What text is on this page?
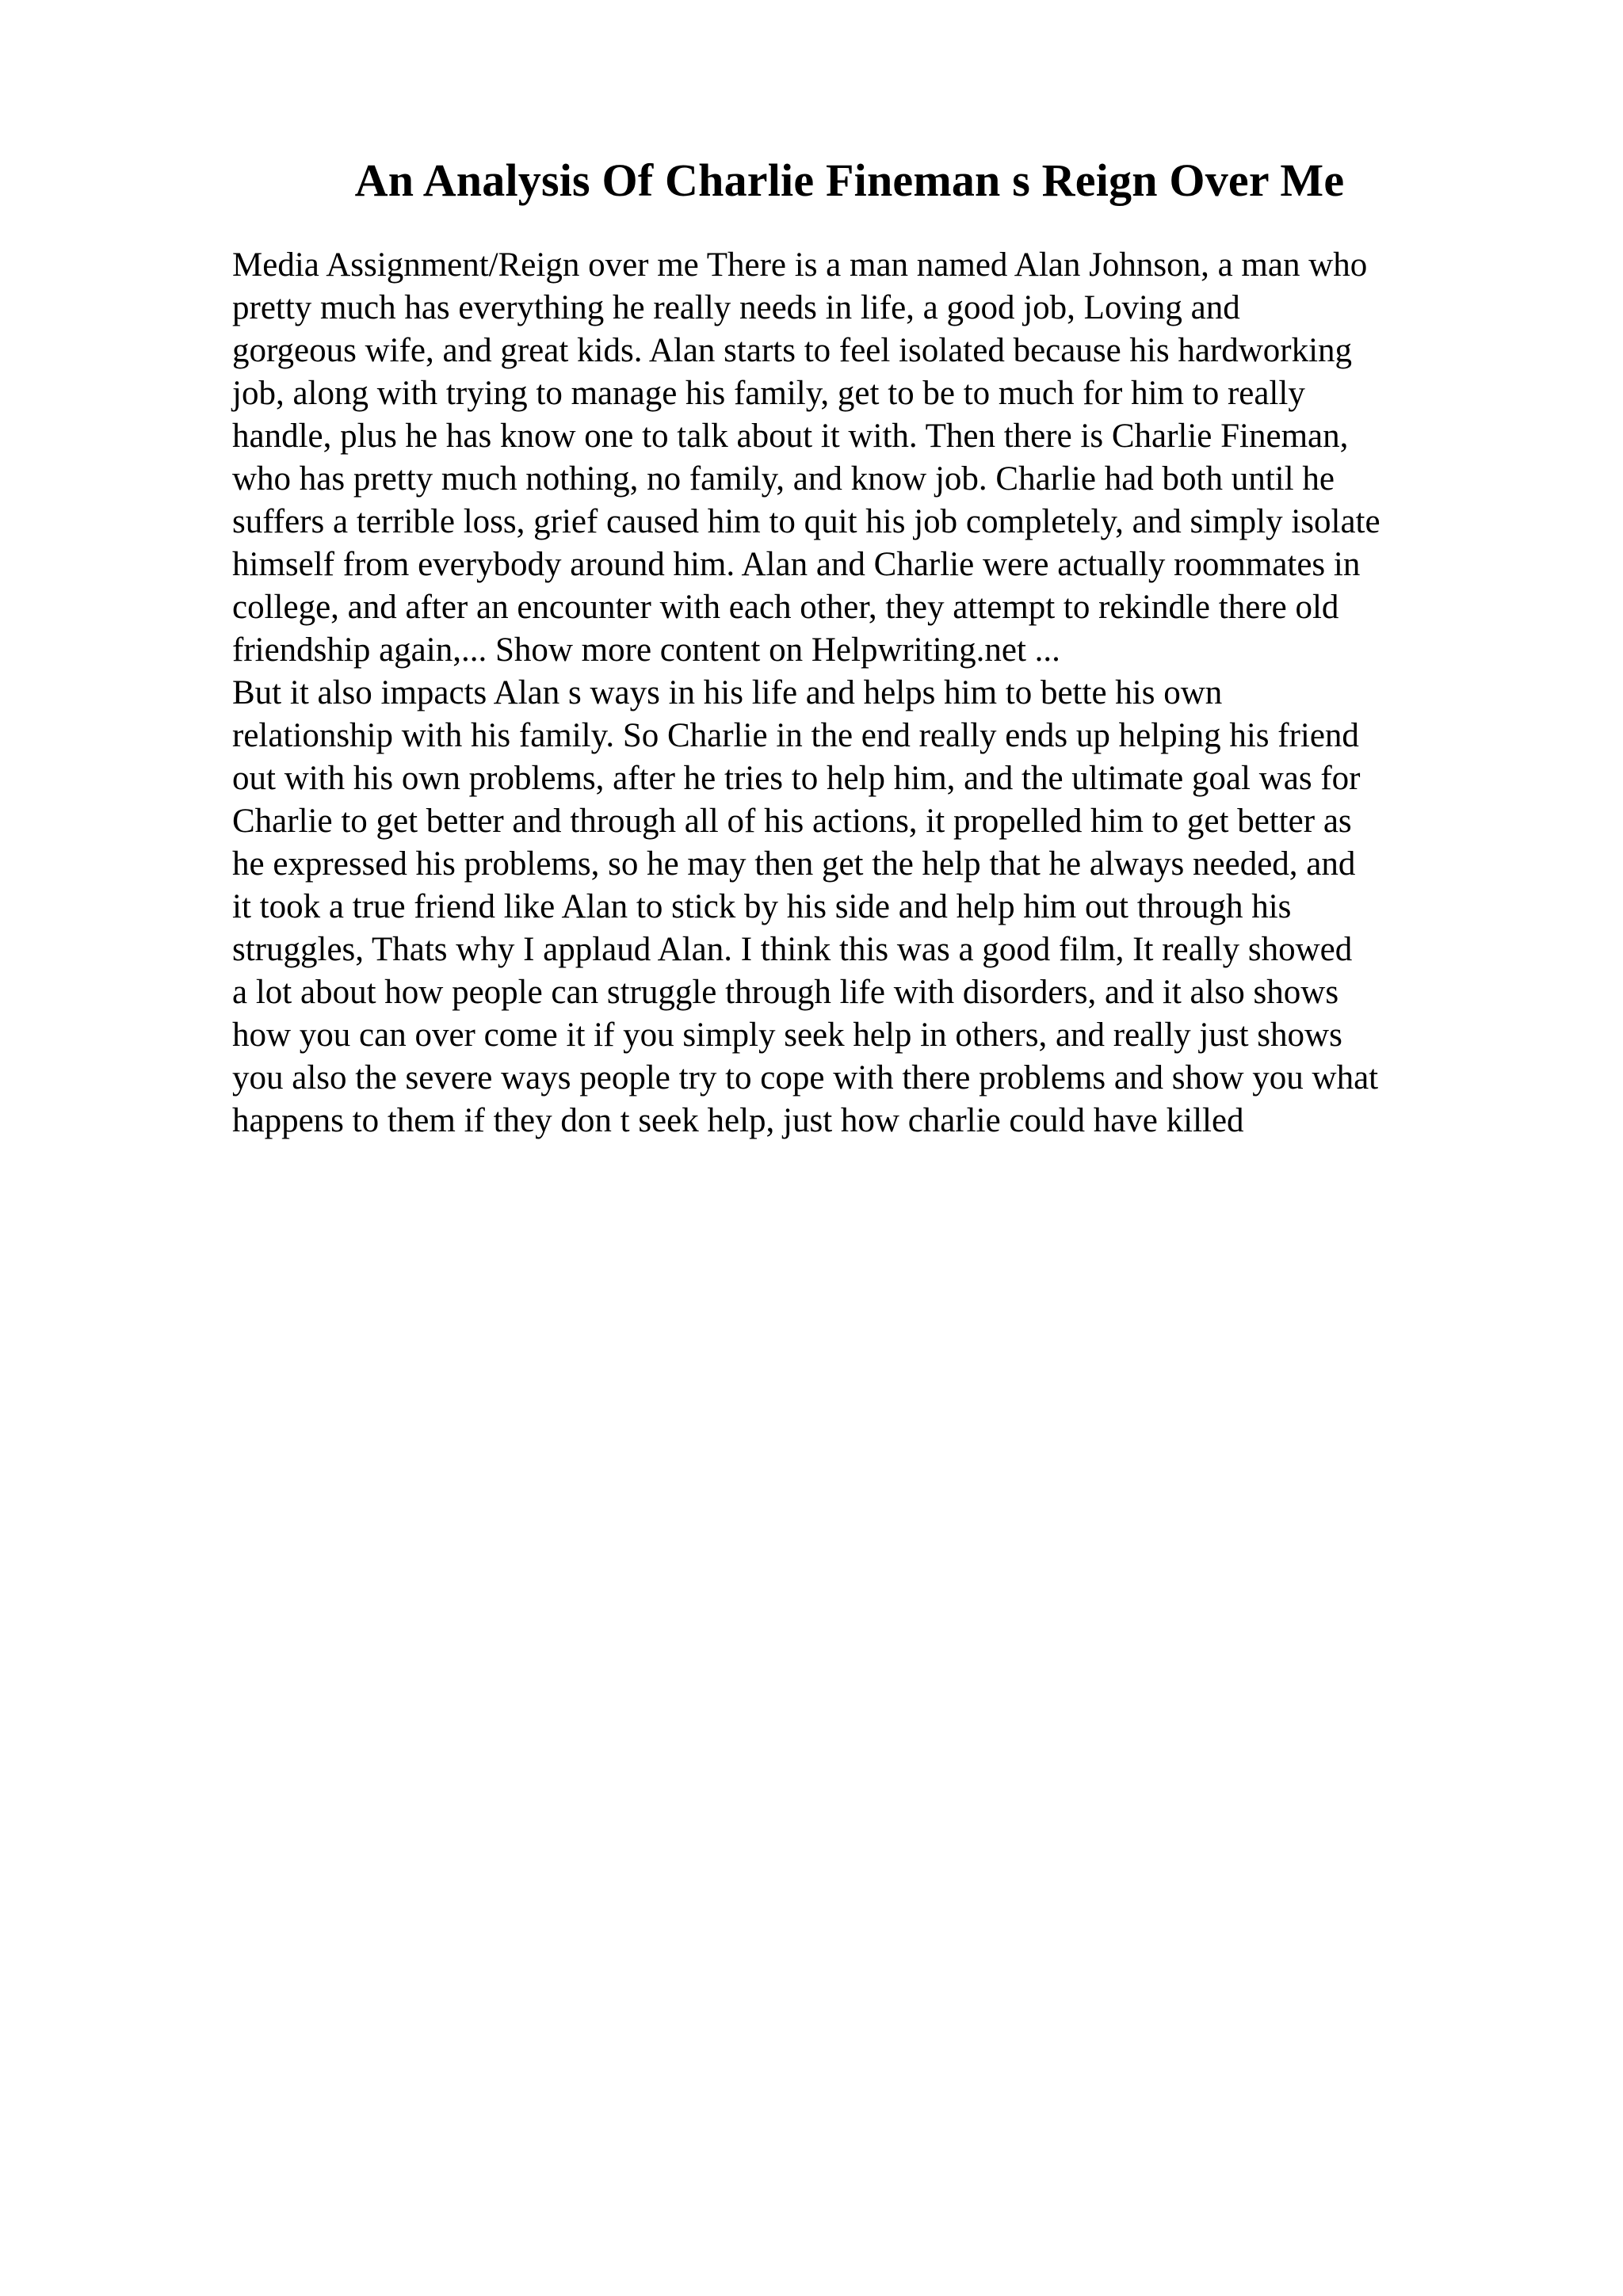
An Analysis Of Charlie Fineman s Reign Over Me
Media Assignment/Reign over me There is a man named Alan Johnson, a man who
pretty much has everything he really needs in life, a good job, Loving and
gorgeous wife, and great kids. Alan starts to feel isolated because his hardworking
job, along with trying to manage his family, get to be to much for him to really
handle, plus he has know one to talk about it with. Then there is Charlie Fineman,
who has pretty much nothing, no family, and know job. Charlie had both until he
suffers a terrible loss, grief caused him to quit his job completely, and simply isolate
himself from everybody around him. Alan and Charlie were actually roommates in
college, and after an encounter with each other, they attempt to rekindle there old
friendship again,... Show more content on Helpwriting.net ...
But it also impacts Alan s ways in his life and helps him to bette his own
relationship with his family. So Charlie in the end really ends up helping his friend
out with his own problems, after he tries to help him, and the ultimate goal was for
Charlie to get better and through all of his actions, it propelled him to get better as
he expressed his problems, so he may then get the help that he always needed, and
it took a true friend like Alan to stick by his side and help him out through his
struggles, Thats why I applaud Alan. I think this was a good film, It really showed
a lot about how people can struggle through life with disorders, and it also shows
how you can over come it if you simply seek help in others, and really just shows
you also the severe ways people try to cope with there problems and show you what
happens to them if they don t seek help, just how charlie could have killed
